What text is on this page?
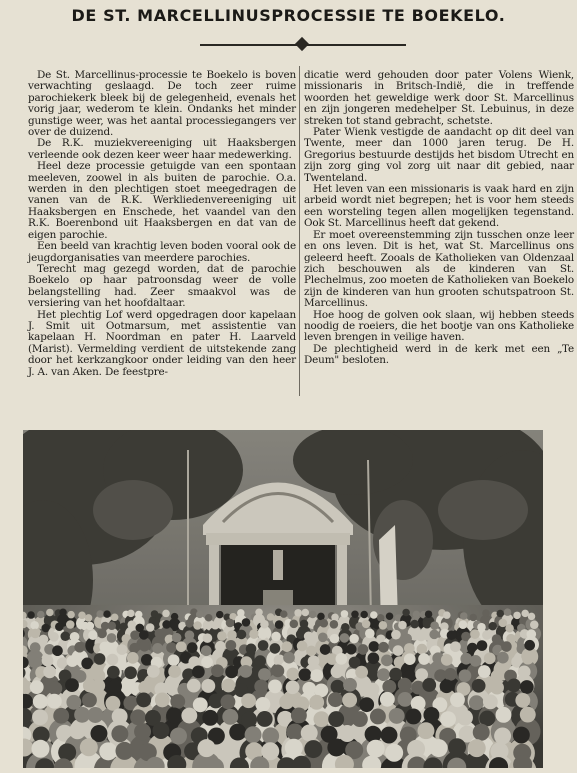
DE ST. MARCELLINUSPROCESSIE TE BOEKELO.

De St. Marcellinus-processie te Boekelo is boven verwachting geslaagd. De toch zeer ruime parochiekerk bleek bij de gelegenheid, evenals het vorig jaar, wederom te klein. Ondanks het minder gunstige weer, was het aantal processiegangers ver over de duizend.

De R.K. muziekvereeniging uit Haaksbergen verleende ook dezen keer weer haar medewerking.

Heel deze processie getuigde van een spontaan meeleven, zoowel in als buiten de parochie. O.a. werden in den plechtigen stoet meegedragen de vanen van de R.K. Werkliedenvereeniging uit Haaksbergen en Enschede, het vaandel van den R.K. Boerenbond uit Haaksbergen en dat van de eigen parochie.

Een beeld van krachtig leven boden vooral ook de jeugdorganisaties van meerdere parochies.

Terecht mag gezegd worden, dat de parochie Boekelo op haar patroonsdag weer de volle belangstelling had. Zeer smaakvol was de versiering van het hoofdaltaar.

Het plechtig Lof werd opgedragen door kapelaan J. Smit uit Ootmarsum, met assistentie van kapelaan H. Noordman en pater H. Laarveld (Marist). Vermelding verdient de uitstekende zang door het kerkzangkoor onder leiding van den heer J. A. van Aken. De feestpre-

dicatie werd gehouden door pater Volens Wienk, missionaris in Britsch-Indië, die in treffende woorden het geweldige werk door St. Marcellinus en zijn jongeren medehelper St. Lebuinus, in deze streken tot stand gebracht, schetste.

Pater Wienk vestigde de aandacht op dit deel van Twente, meer dan 1000 jaren terug. De H. Gregorius bestuurde destijds het bisdom Utrecht en zijn zorg ging vol zorg uit naar dit gebied, naar Twenteland.

Het leven van een missionaris is vaak hard en zijn arbeid wordt niet begrepen; het is voor hem steeds een worsteling tegen allen mogelijken tegenstand. Ook St. Marcellinus heeft dat gekend.

Er moet overeenstemming zijn tusschen onze leer en ons leven. Dit is het, wat St. Marcellinus ons geleerd heeft. Zooals de Katholieken van Oldenzaal zich beschouwen als de kinderen van St. Plechelmus, zoo moeten de Katholieken van Boekelo zijn de kinderen van hun grooten schutspatroon St. Marcellinus.

Hoe hoog de golven ook slaan, wij hebben steeds noodig de roeiers, die het bootje van ons Katholieke leven brengen in veilige haven.

De plechtigheid werd in de kerk met een „Te Deum" besloten.
